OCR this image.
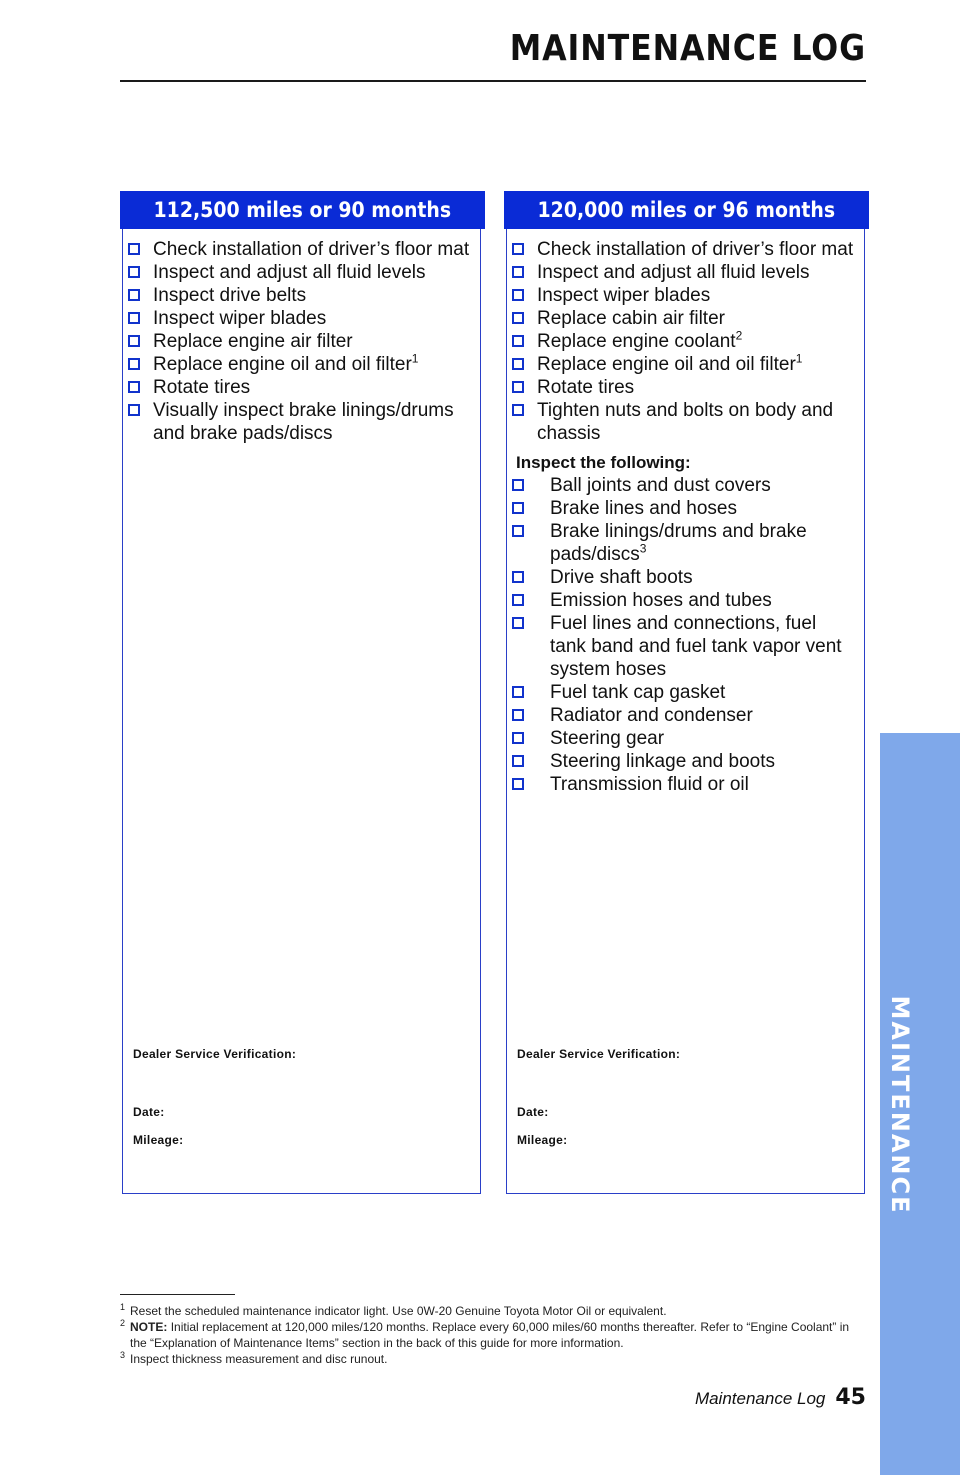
MAINTENANCE LOG
112,500 miles or 90 months	120,000 miles or 96 months
Check installation of driver’s floor mat
Inspect and adjust all fluid levels
Inspect drive belts
Inspect wiper blades
Replace engine air filter
Replace engine oil and oil filter$^1$
Rotate tires
Visually inspect brake linings/drums and brake pads/discs
Check installation of driver’s floor mat
Inspect and adjust all fluid levels
Inspect wiper blades
Replace cabin air filter
Replace engine coolant$^2$
Replace engine oil and oil filter$^1$
Rotate tires
Tighten nuts and bolts on body and chassis
Inspect the following:
Ball joints and dust covers
Brake lines and hoses
Brake linings/drums and brake pads/discs$^3$
Drive shaft boots
Emission hoses and tubes
Fuel lines and connections, fuel tank band and fuel tank vapor vent system hoses
Fuel tank cap gasket
Radiator and condenser
Steering gear
Steering linkage and boots
Transmission fluid or oil
Dealer Service Verification:
Date:
Mileage:
Dealer Service Verification:
Date:
Mileage:
1 Reset the scheduled maintenance indicator light. Use 0W-20 Genuine Toyota Motor Oil or equivalent.
2 NOTE: Initial replacement at 120,000 miles/120 months. Replace every 60,000 miles/60 months thereafter. Refer to “Engine Coolant” in the “Explanation of Maintenance Items” section in the back of this guide for more information.
3 Inspect thickness measurement and disc runout.
MAINTENANCE
Maintenance Log 45
